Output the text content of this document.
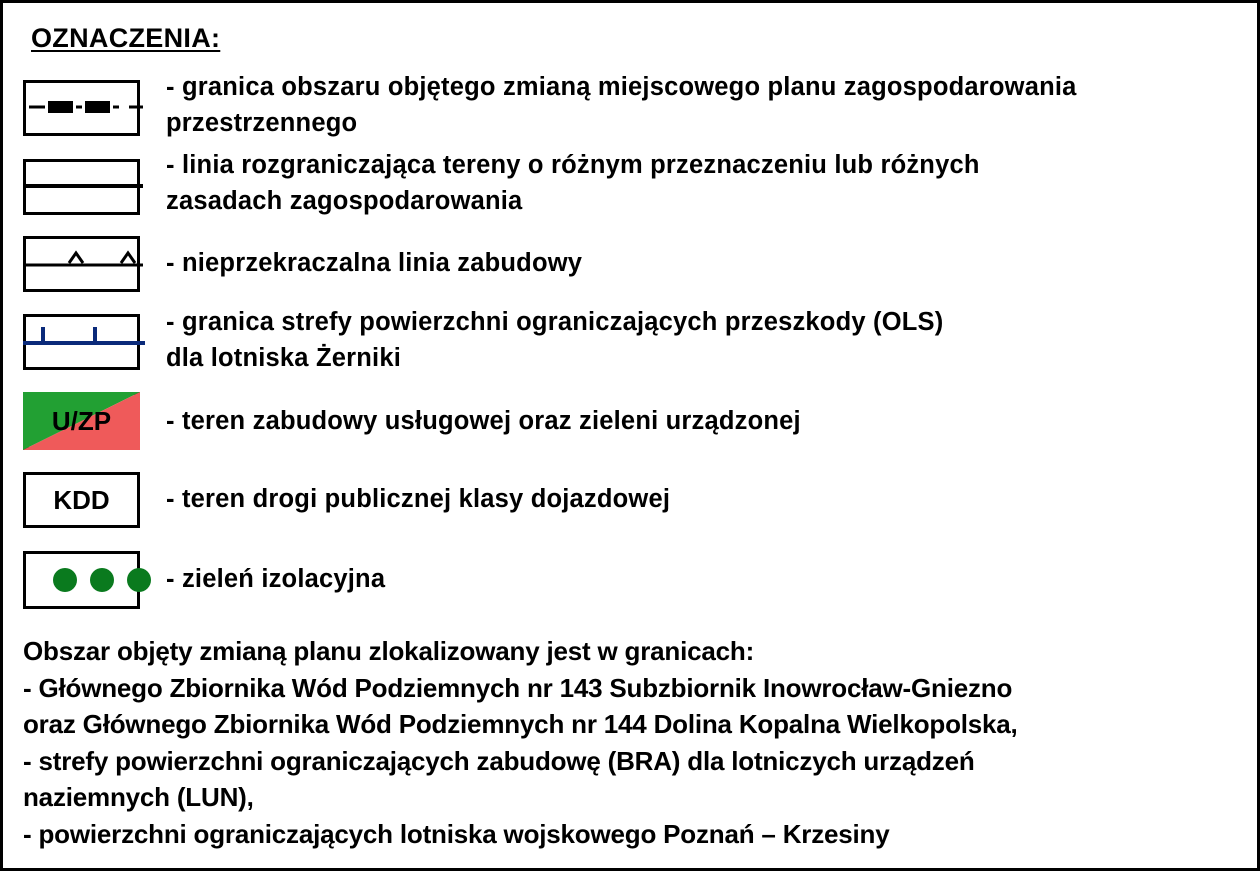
OZNACZENIA:
- granica obszaru objętego zmianą miejscowego planu zagospodarowania
przestrzennego
- linia rozgraniczająca tereny o różnym przeznaczeniu lub różnych
zasadach zagospodarowania
- nieprzekraczalna linia zabudowy
- granica strefy powierzchni ograniczających przeszkody (OLS)
dla lotniska Żerniki
U/ZP	- teren zabudowy usługowej oraz zieleni urządzonej
KDD	- teren drogi publicznej klasy dojazdowej
- zieleń izolacyjna
Obszar objęty zmianą planu zlokalizowany jest w granicach:
- Głównego Zbiornika Wód Podziemnych nr 143 Subzbiornik Inowrocław-Gniezno
oraz Głównego Zbiornika Wód Podziemnych nr 144 Dolina Kopalna Wielkopolska,
- strefy powierzchni ograniczających zabudowę (BRA) dla lotniczych urządzeń
naziemnych (LUN),
- powierzchni ograniczających lotniska wojskowego Poznań – Krzesiny
